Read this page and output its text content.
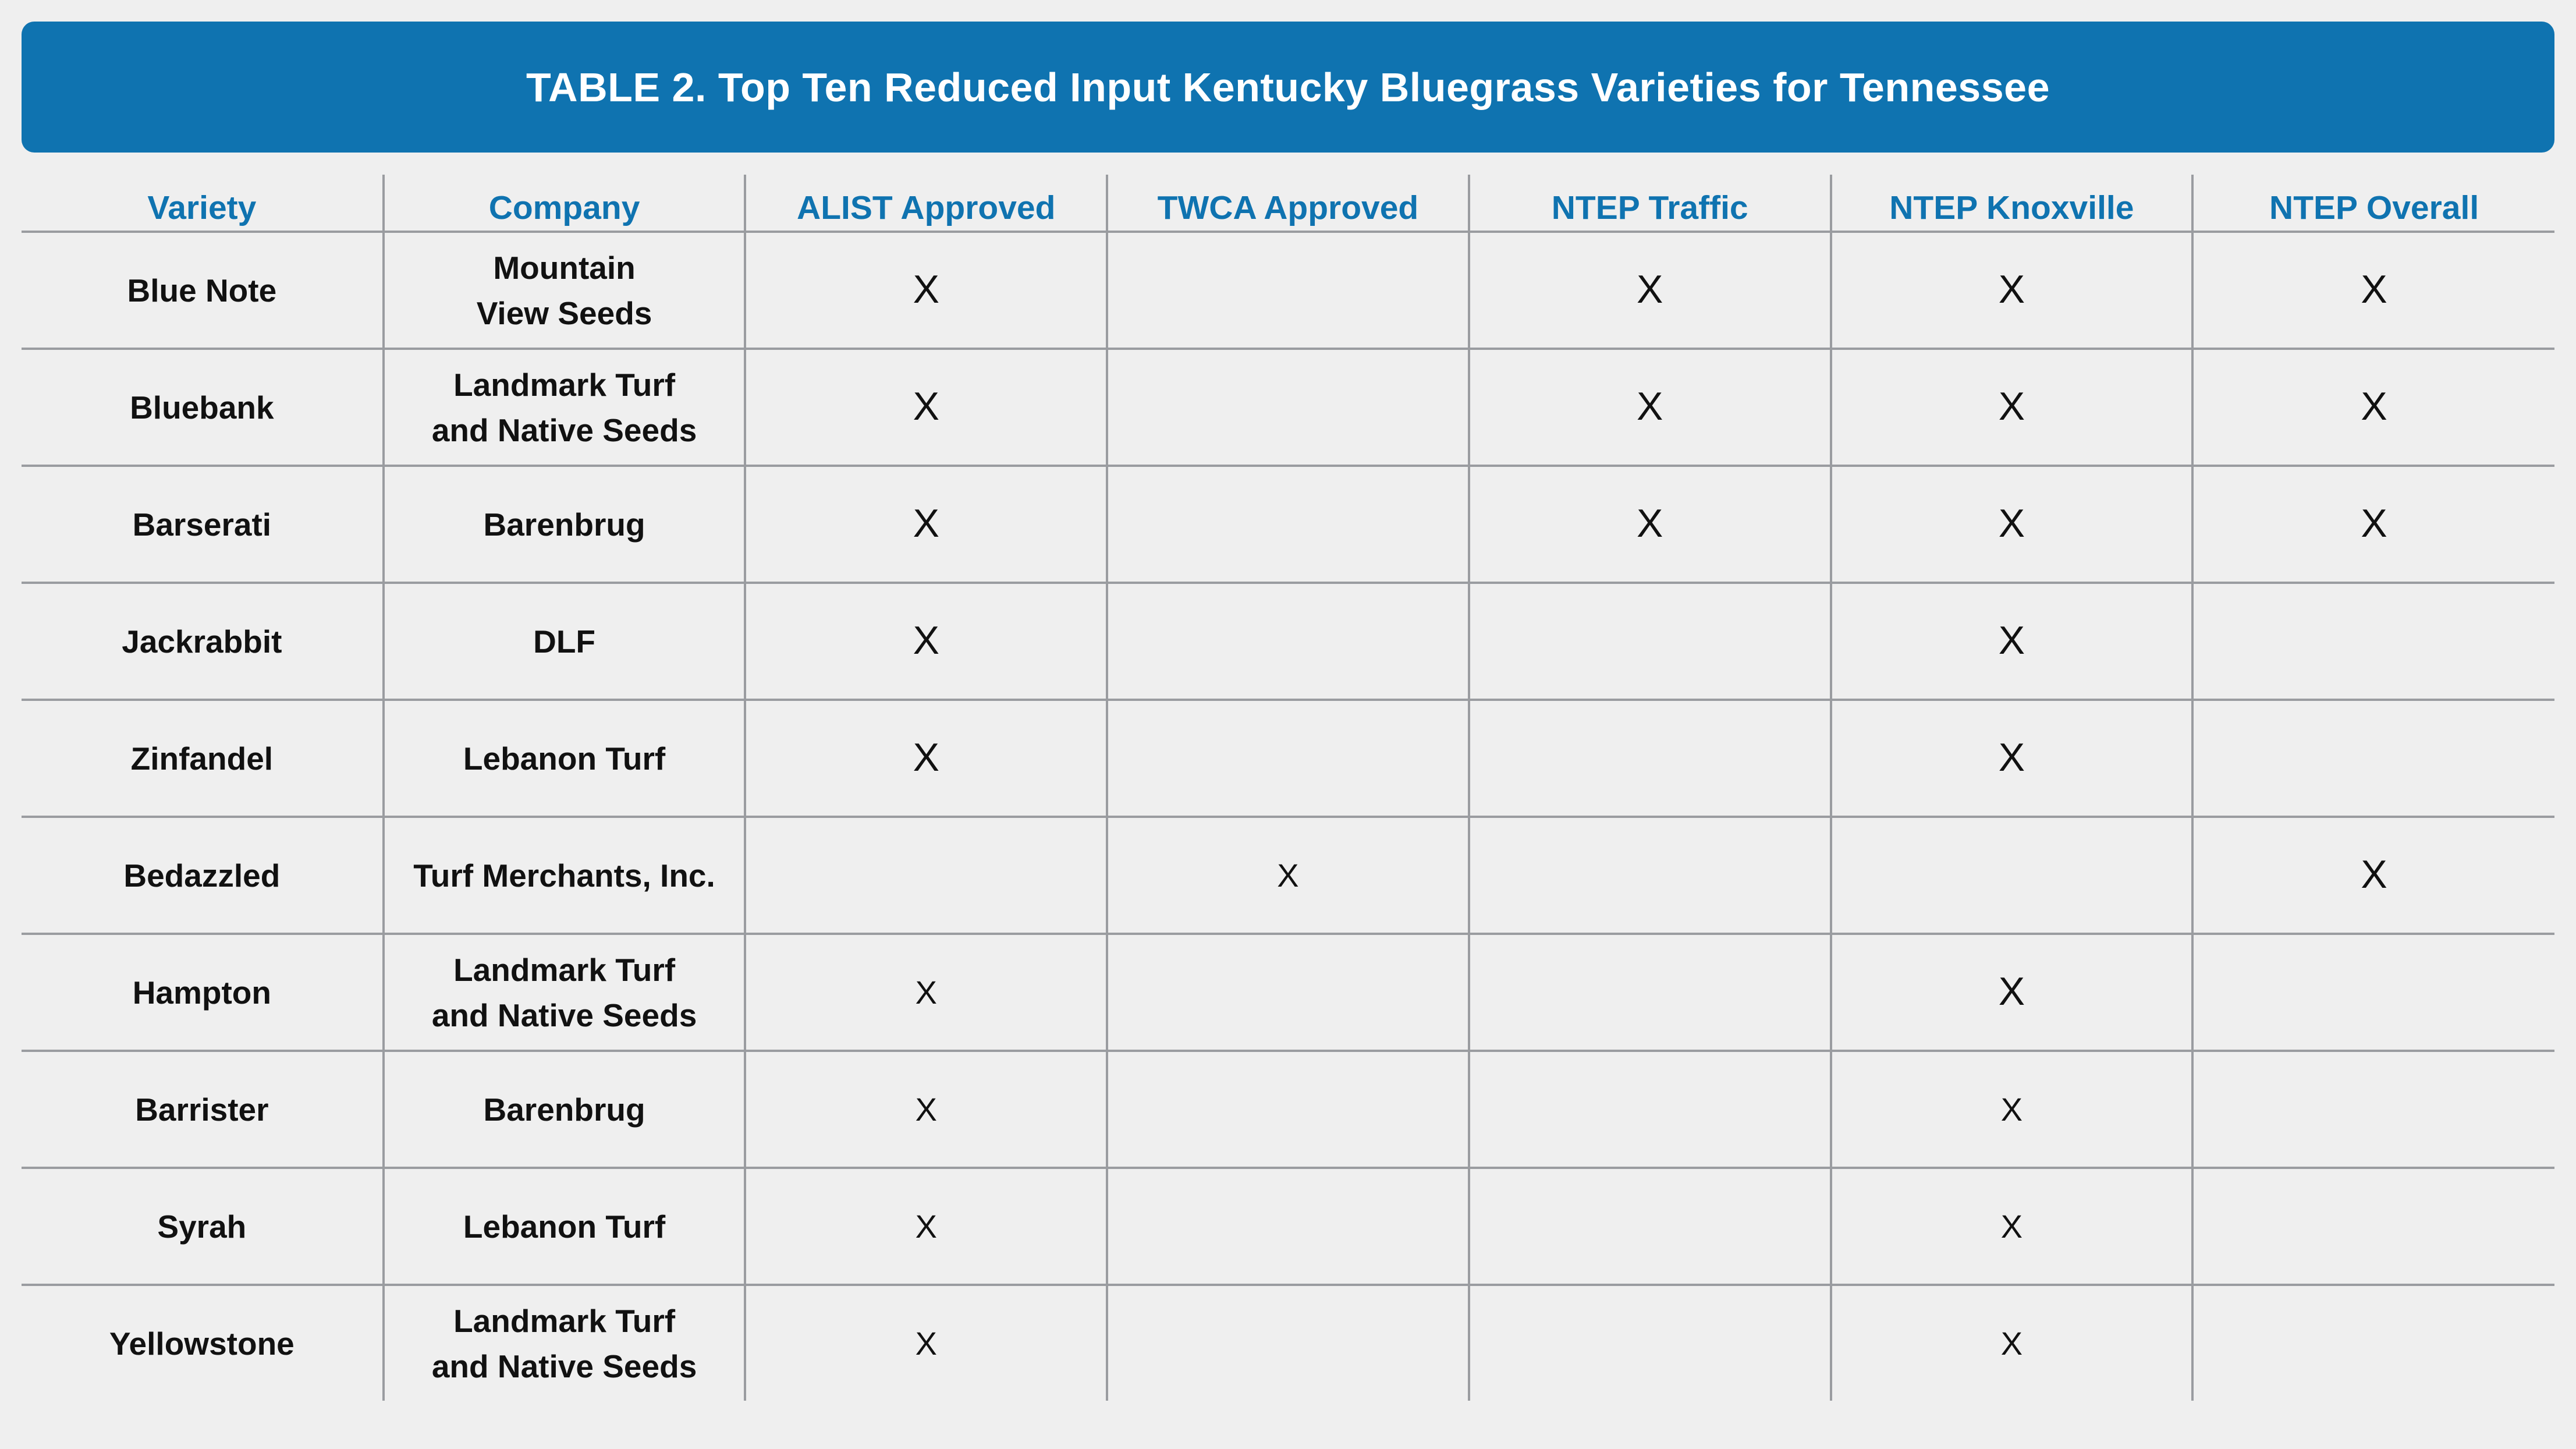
TABLE 2. Top Ten Reduced Input Kentucky Bluegrass Varieties for Tennessee
Variety	Company	ALIST Approved	TWCA Approved	NTEP Traffic	NTEP Knoxville	NTEP Overall
Blue Note	Mountain
View Seeds	X		X	X	X
Bluebank	Landmark Turf
and Native Seeds	X		X	X	X
Barserati	Barenbrug	X		X	X	X
Jackrabbit	DLF	X			X	
Zinfandel	Lebanon Turf	X			X	
Bedazzled	Turf Merchants, Inc.		X			X
Hampton	Landmark Turf
and Native Seeds	X			X	
Barrister	Barenbrug	X			X	
Syrah	Lebanon Turf	X			X	
Yellowstone	Landmark Turf
and Native Seeds	X			X	
